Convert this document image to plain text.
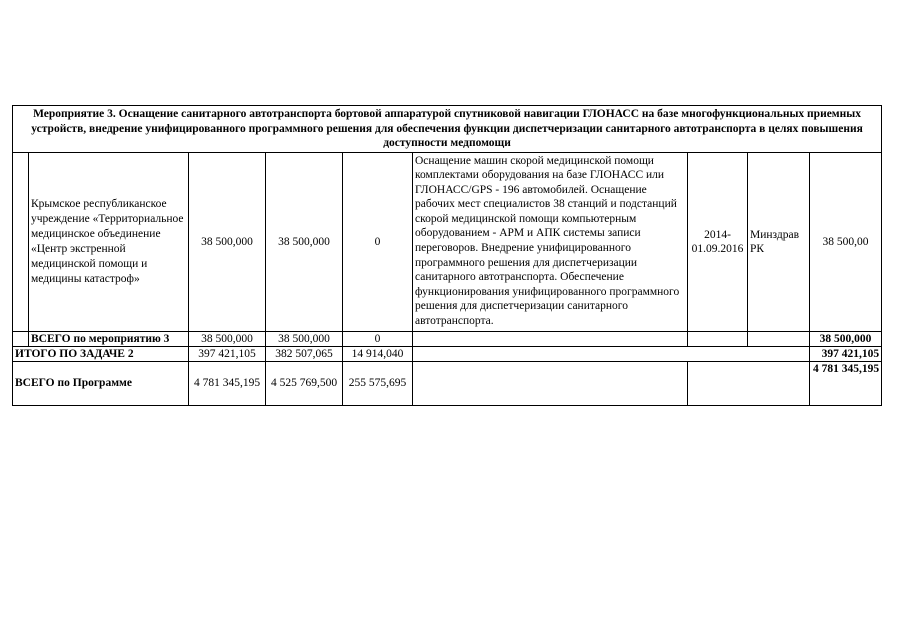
Мероприятие 3. Оснащение санитарного автотранспорта бортовой аппаратурой спутниковой навигации ГЛОНАСС на базе многофункциональных приемных устройств, внедрение унифицированного программного решения для обеспечения функции диспетчеризации санитарного автотранспорта в целях повышения доступности медпомощи								
	Крымское республиканское учреждение «Территориальное медицинское объединение «Центр экстренной медицинской помощи и медицины катастроф»	38 500,000	38 500,000	0	Оснащение машин скорой медицинской помощи комплектами оборудования на базе ГЛОНАСС или ГЛОНАСС/GPS - 196 автомобилей. Оснащение рабочих мест специалистов 38 станций и подстанций скорой медицинской помощи компьютерным оборудованием - АРМ и АПК системы записи переговоров. Внедрение унифицированного программного решения для диспетчеризации санитарного автотранспорта. Обеспечение функционирования унифицированного программного решения для диспетчеризации санитарного автотранспорта.	2014-01.09.2016	Минздрав РК	38 500,00
	ВСЕГО по мероприятию 3	38 500,000	38 500,000	0				38 500,000
ИТОГО ПО ЗАДАЧЕ 2		397 421,105	382 507,065	14 914,040				397 421,105
ВСЕГО по Программе		4 781 345,195	4 525 769,500	255 575,695				4 781 345,195
